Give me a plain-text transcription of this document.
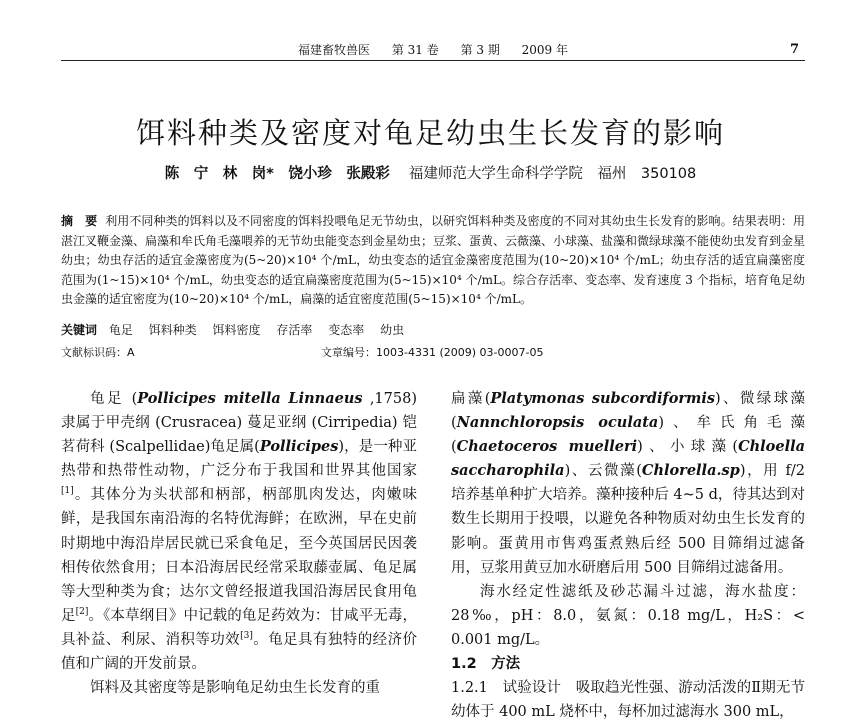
福建畜牧兽医 第 31 卷 第 3 期 2009 年	7
饵料种类及密度对龟足幼虫生长发育的影响
陈　宁　林　岗*　饶小珍　张殿彩 福建师范大学生命科学学院　福州　350108
摘　要 利用不同种类的饵料以及不同密度的饵料投喂龟足无节幼虫，以研究饵料种类及密度的不同对其幼虫生长发育的影响。结果表明：用湛江叉鞭金藻、扁藻和牟氏角毛藻喂养的无节幼虫能变态到金星幼虫；豆浆、蛋黄、云薇藻、小球藻、盐藻和微绿球藻不能使幼虫发育到金星幼虫；幼虫存活的适宜金藻密度为(5~20)×10⁴ 个/mL，幼虫变态的适宜金藻密度范围为(10~20)×10⁴ 个/mL；幼虫存活的适宜扁藻密度范围为(1~15)×10⁴ 个/mL，幼虫变态的适宜扁藻密度范围为(5~15)×10⁴ 个/mL。综合存活率、变态率、发育速度 3 个指标，培育龟足幼虫金藻的适宜密度为(10~20)×10⁴ 个/mL，扁藻的适宜密度范围(5~15)×10⁴ 个/mL。
关键词 龟足 饵料种类 饵料密度 存活率 变态率 幼虫
文献标识码：A	文章编号：1003-4331 (2009) 03-0007-05

龟足 (Pollicipes mitella Linnaeus ,1758) 隶属于甲壳纲 (Crusracea) 蔓足亚纲 (Cirripedia) 铠茗荷科 (Scalpellidae)龟足属(Pollicipes)，是一种亚热带和热带性动物，广泛分布于我国和世界其他国家[1]。其体分为头状部和柄部，柄部肌肉发达，肉嫩味鲜，是我国东南沿海的名特优海鲜；在欧洲，早在史前时期地中海沿岸居民就已采食龟足，至今英国居民因袭相传依然食用；日本沿海居民经常采取藤壶属、龟足属等大型种类为食；达尔文曾经报道我国沿海居民食用龟足[2]。《本草纲目》中记载的龟足药效为：甘咸平无毒，具补益、利尿、消积等功效[3]。龟足具有独特的经济价值和广阔的开发前景。

饵料及其密度等是影响龟足幼虫生长发育的重

扁藻(Platymonas subcordiformis)、微绿球藻(Nannchloropsis oculata)、牟氏角毛藻(Chaetoceros muelleri)、小球藻(Chloella saccharophila)、云微藻(Chlorella.sp)，用 f/2 培养基单种扩大培养。藻种接种后 4~5 d，待其达到对数生长期用于投喂，以避免各种物质对幼虫生长发育的影响。蛋黄用市售鸡蛋煮熟后经 500 目筛绢过滤备用，豆浆用黄豆加水研磨后用 500 目筛绢过滤备用。

海水经定性滤纸及砂芯漏斗过滤，海水盐度：28‰，pH：8.0，氨氮：0.18 mg/L，H₂S：< 0.001 mg/L。

1.2　方法

1.2.1　试验设计　吸取趋光性强、游动活泼的Ⅱ期无节幼体于 400 mL 烧杯中，每杯加过滤海水 300 mL，
